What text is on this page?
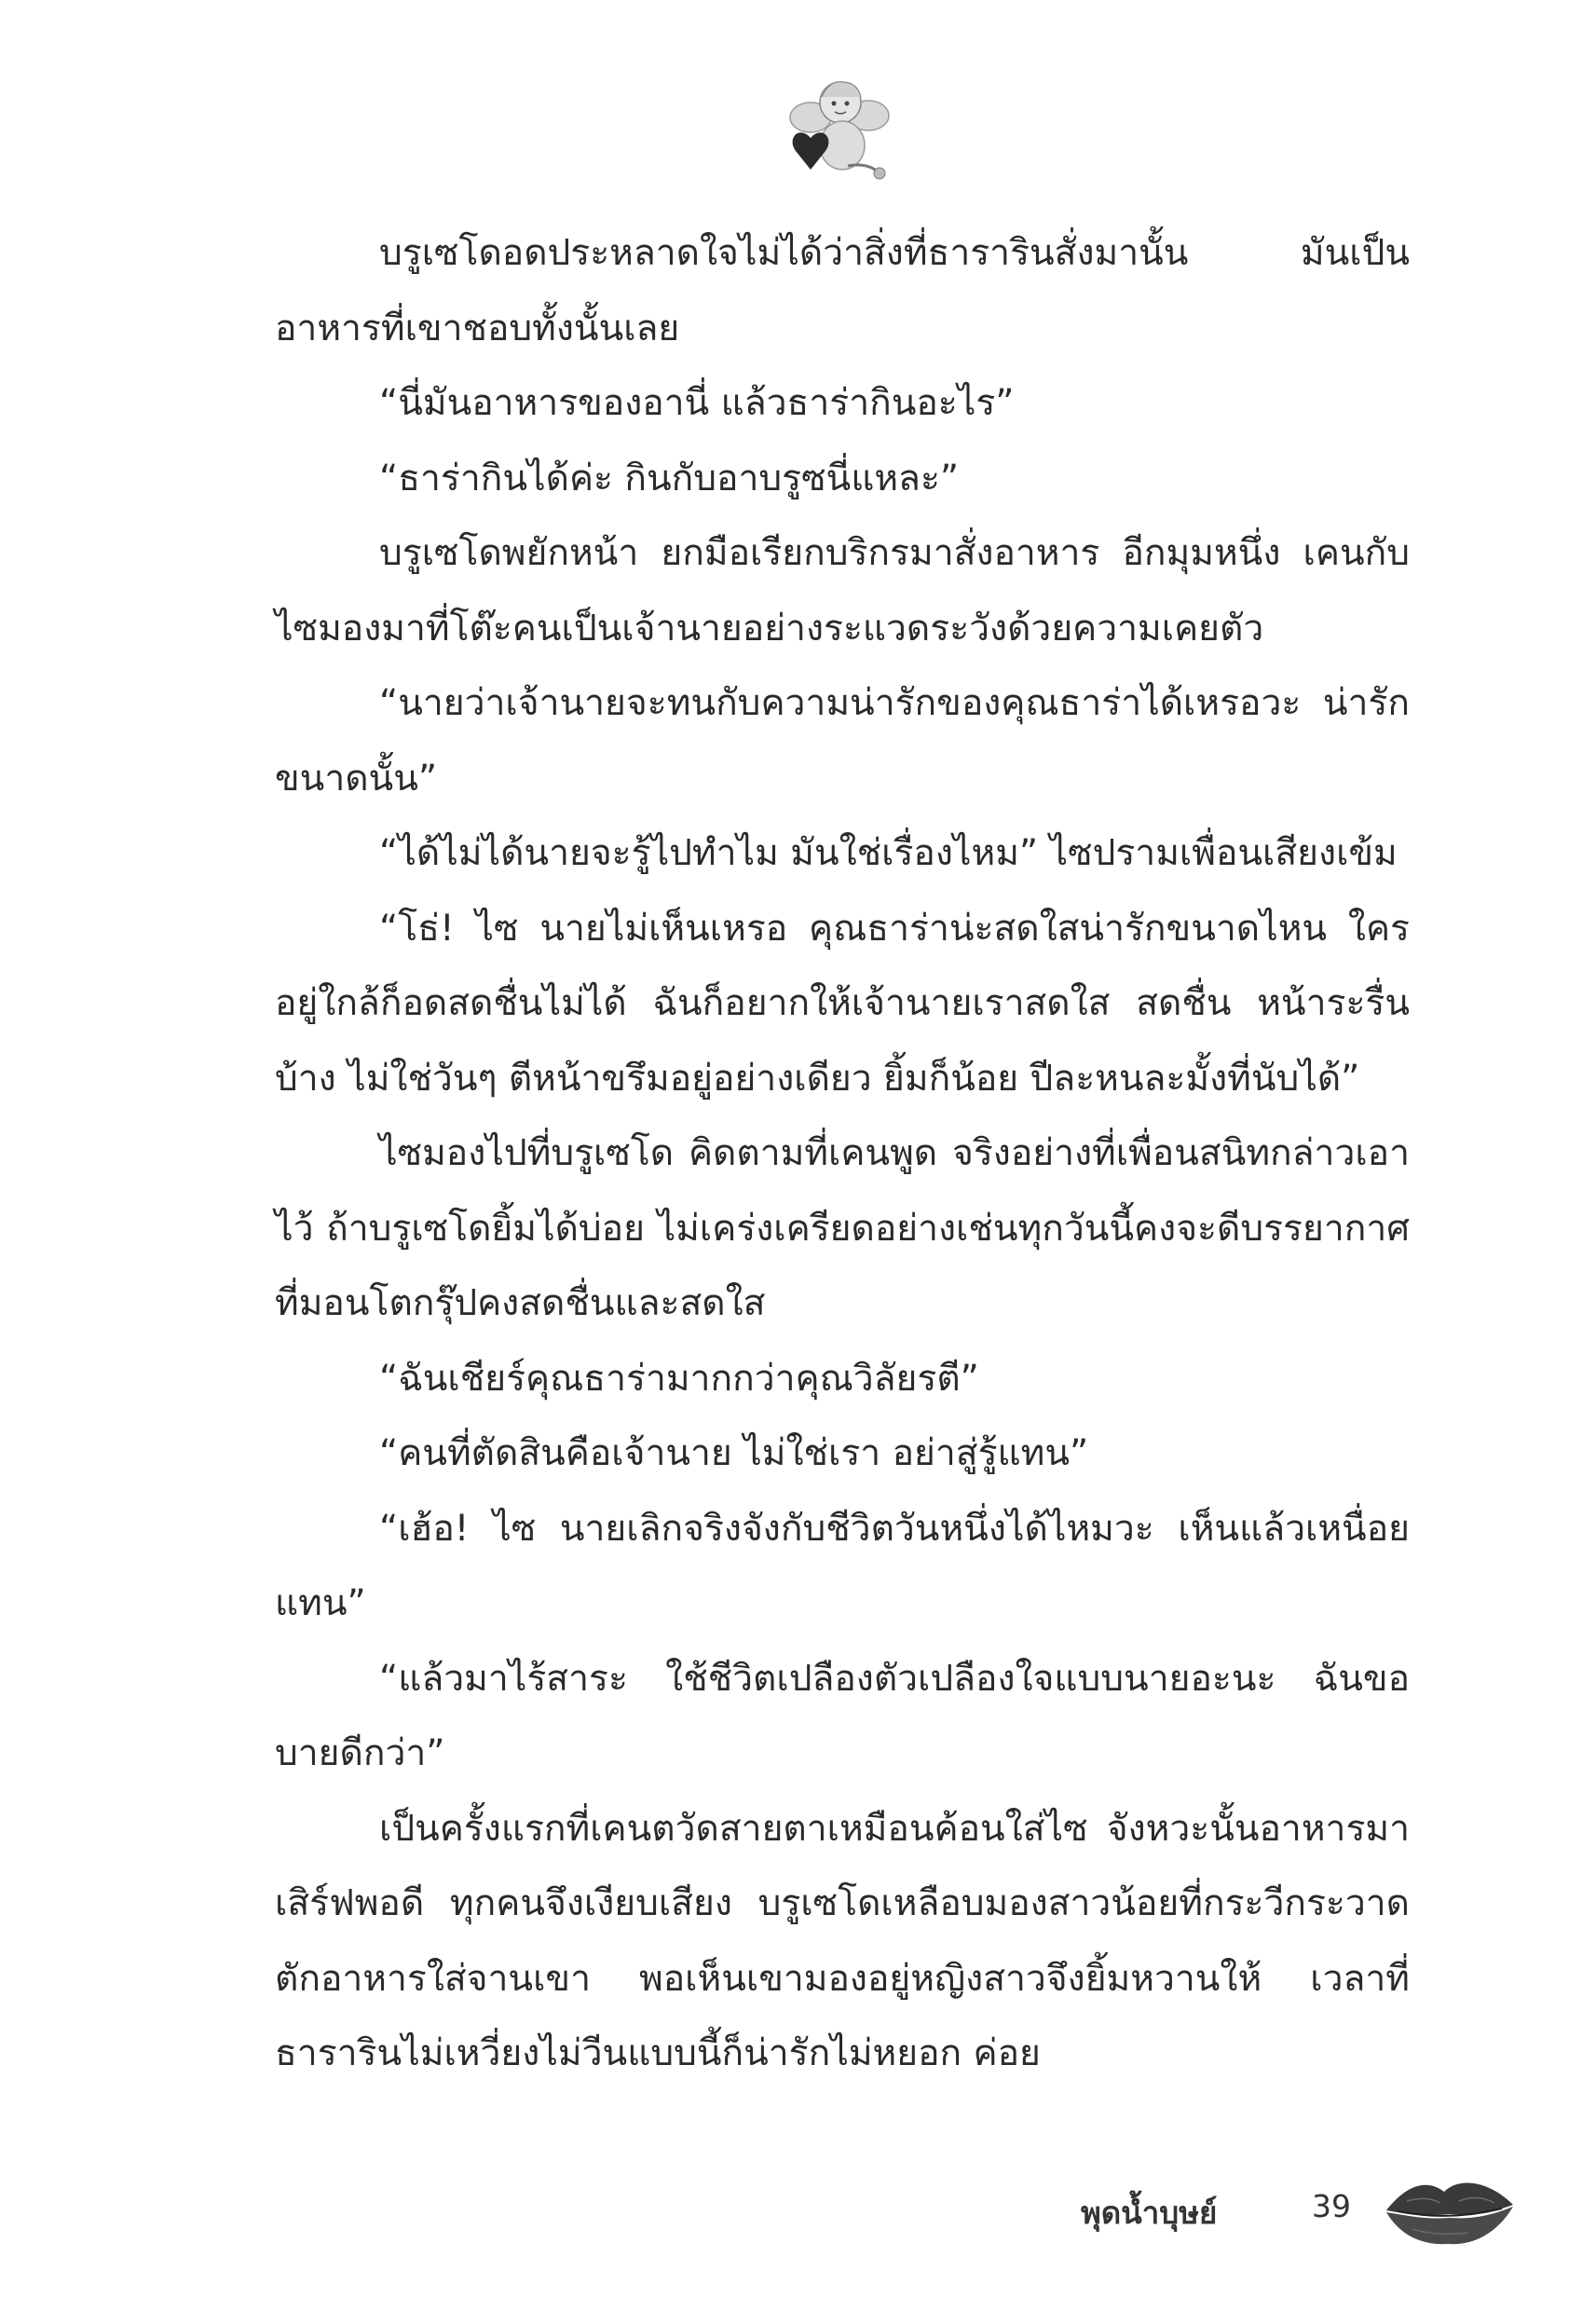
บรูเซโดอดประหลาดใจไม่ได้ว่าสิ่งที่ธารารินสั่งมานั้น มันเป็นอาหารที่เขาชอบทั้งนั้นเลย

“นี่มันอาหารของอานี่ แล้วธาร่ากินอะไร”

“ธาร่ากินได้ค่ะ กินกับอาบรูซนี่แหละ”

บรูเซโดพยักหน้า ยกมือเรียกบริกรมาสั่งอาหาร อีกมุมหนึ่ง เคนกับไซมองมาที่โต๊ะคนเป็นเจ้านายอย่างระแวดระวังด้วยความเคยตัว

“นายว่าเจ้านายจะทนกับความน่ารักของคุณธาร่าได้เหรอวะ น่ารักขนาดนั้น”

“ได้ไม่ได้นายจะรู้ไปทำไม มันใช่เรื่องไหม” ไซปรามเพื่อนเสียงเข้ม

“โธ่! ไซ นายไม่เห็นเหรอ คุณธาร่าน่ะสดใสน่ารักขนาดไหน ใครอยู่ใกล้ก็อดสดชื่นไม่ได้ ฉันก็อยากให้เจ้านายเราสดใส สดชื่น หน้าระรื่นบ้าง ไม่ใช่วันๆ ตีหน้าขรึมอยู่อย่างเดียว ยิ้มก็น้อย ปีละหนละมั้งที่นับได้”

ไซมองไปที่บรูเซโด คิดตามที่เคนพูด จริงอย่างที่เพื่อนสนิทกล่าวเอาไว้ ถ้าบรูเซโดยิ้มได้บ่อย ไม่เคร่งเครียดอย่างเช่นทุกวันนี้คงจะดีบรรยากาศที่มอนโตกรุ๊ปคงสดชื่นและสดใส

“ฉันเชียร์คุณธาร่ามากกว่าคุณวิลัยรตี”

“คนที่ตัดสินคือเจ้านาย ไม่ใช่เรา อย่าสู่รู้แทน”

“เฮ้อ! ไซ นายเลิกจริงจังกับชีวิตวันหนึ่งได้ไหมวะ เห็นแล้วเหนื่อยแทน”

“แล้วมาไร้สาระ ใช้ชีวิตเปลืองตัวเปลืองใจแบบนายอะนะ ฉันขอบายดีกว่า”

เป็นครั้งแรกที่เคนตวัดสายตาเหมือนค้อนใส่ไซ จังหวะนั้นอาหารมาเสิร์ฟพอดี ทุกคนจึงเงียบเสียง บรูเซโดเหลือบมองสาวน้อยที่กระวีกระวาดตักอาหารใส่จานเขา พอเห็นเขามองอยู่หญิงสาวจึงยิ้มหวานให้ เวลาที่ธารารินไม่เหวี่ยงไม่วีนแบบนี้ก็น่ารักไม่หยอก ค่อย

พุดน้ำบุษย์	39
